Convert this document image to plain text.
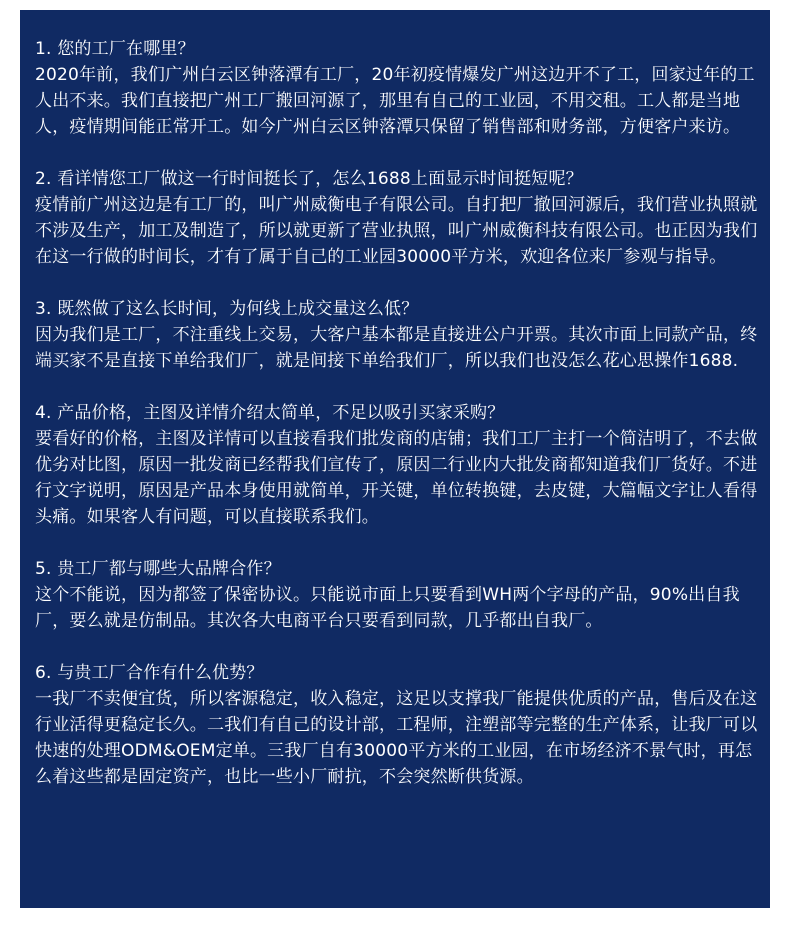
1. 您的工厂在哪里？

2020年前，我们广州白云区钟落潭有工厂，20年初疫情爆发广州这边开不了工，回家过年的工人出不来。我们直接把广州工厂搬回河源了，那里有自己的工业园，不用交租。工人都是当地人，疫情期间能正常开工。如今广州白云区钟落潭只保留了销售部和财务部，方便客户来访。

2. 看详情您工厂做这一行时间挺长了，怎么1688上面显示时间挺短呢？

疫情前广州这边是有工厂的，叫广州威衡电子有限公司。自打把厂撤回河源后，我们营业执照就不涉及生产，加工及制造了，所以就更新了营业执照，叫广州威衡科技有限公司。也正因为我们在这一行做的时间长，才有了属于自己的工业园30000平方米，欢迎各位来厂参观与指导。

3. 既然做了这么长时间，为何线上成交量这么低？

因为我们是工厂，不注重线上交易，大客户基本都是直接进公户开票。其次市面上同款产品，终端买家不是直接下单给我们厂，就是间接下单给我们厂，所以我们也没怎么花心思操作1688.

4. 产品价格，主图及详情介绍太简单，不足以吸引买家采购？

要看好的价格，主图及详情可以直接看我们批发商的店铺；我们工厂主打一个简洁明了，不去做优劣对比图，原因一批发商已经帮我们宣传了，原因二行业内大批发商都知道我们厂货好。不进行文字说明，原因是产品本身使用就简单，开关键，单位转换键，去皮键，大篇幅文字让人看得头痛。如果客人有问题，可以直接联系我们。

5. 贵工厂都与哪些大品牌合作？

这个不能说，因为都签了保密协议。只能说市面上只要看到WH两个字母的产品，90%出自我厂，要么就是仿制品。其次各大电商平台只要看到同款，几乎都出自我厂。

6. 与贵工厂合作有什么优势？

一我厂不卖便宜货，所以客源稳定，收入稳定，这足以支撑我厂能提供优质的产品，售后及在这行业活得更稳定长久。二我们有自己的设计部，工程师，注塑部等完整的生产体系，让我厂可以快速的处理ODM&OEM定单。三我厂自有30000平方米的工业园，在市场经济不景气时，再怎么着这些都是固定资产，也比一些小厂耐抗，不会突然断供货源。
